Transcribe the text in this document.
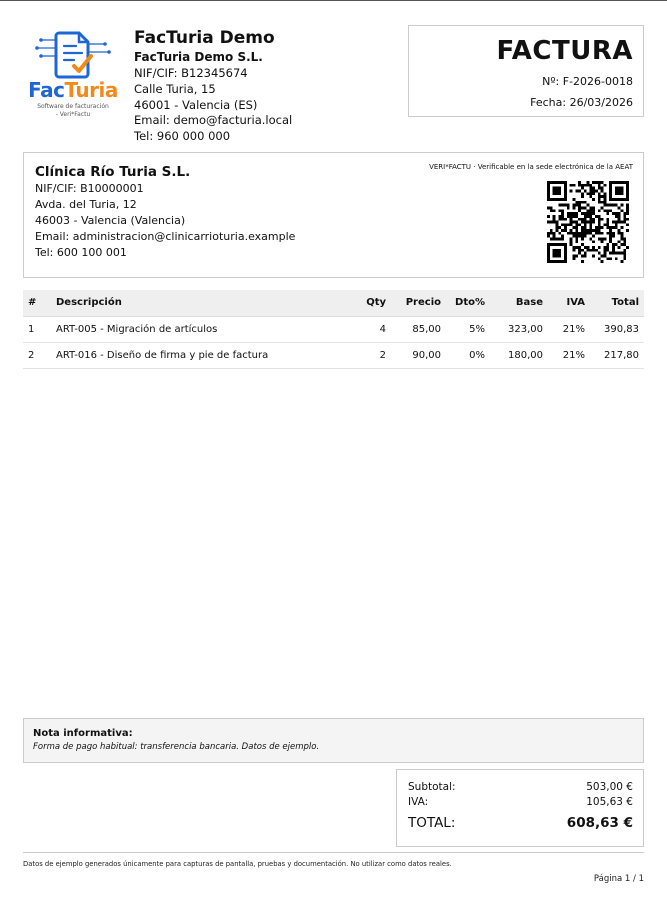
FacTuria
Software de facturación
- Veri*Factu
FacTuria Demo
FacTuria Demo S.L.
NIF/CIF: B12345674
Calle Turia, 15
46001 - Valencia (ES)
Email: demo@facturia.local
Tel: 960 000 000
FACTURA
Nº: F-2026-0018
Fecha: 26/03/2026
Clínica Río Turia S.L.
NIF/CIF: B10000001
Avda. del Turia, 12
46003 - Valencia (Valencia)
Email: administracion@clinicarrioturia.example
Tel: 600 100 001
VERI*FACTU · Verificable en la sede electrónica de la AEAT
#	Descripción	Qty	Precio	Dto%	Base	IVA	Total
1	ART-005 - Migración de artículos	4	85,00	5%	323,00	21%	390,83
2	ART-016 - Diseño de firma y pie de factura	2	90,00	0%	180,00	21%	217,80
Nota informativa:
Forma de pago habitual: transferencia bancaria. Datos de ejemplo.
Subtotal:	503,00 €
IVA:	105,63 €
TOTAL:	608,63 €
Datos de ejemplo generados únicamente para capturas de pantalla, pruebas y documentación. No utilizar como datos reales.
Página 1 / 1
